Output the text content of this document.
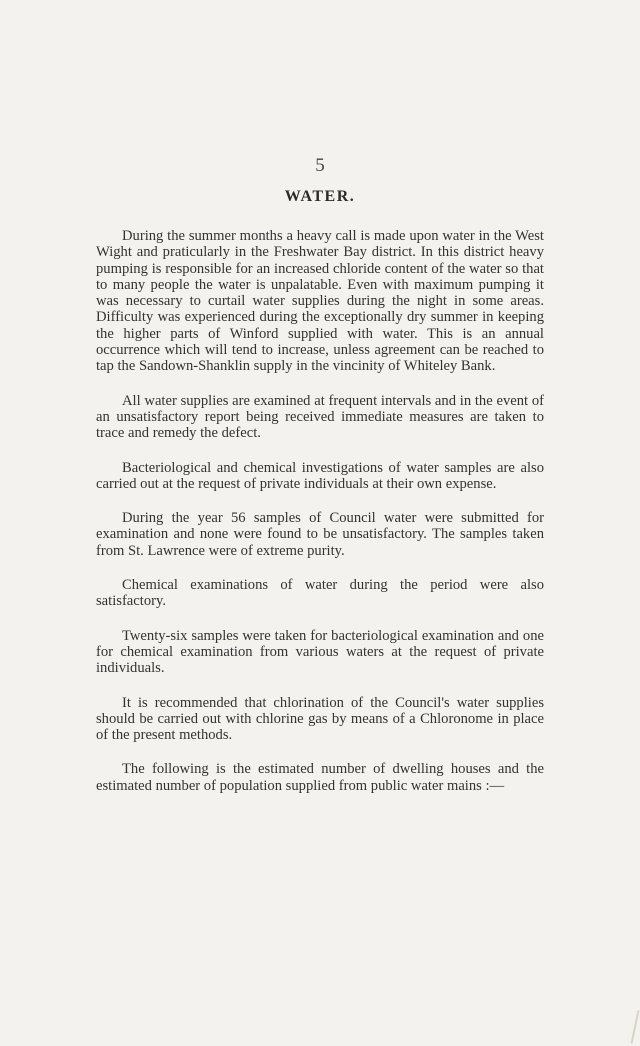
5
WATER.

During the summer months a heavy call is made upon water in the West Wight and praticularly in the Freshwater Bay district. In this district heavy pumping is responsible for an increased chloride content of the water so that to many people the water is unpalatable. Even with maximum pumping it was necessary to curtail water supplies during the night in some areas. Difficulty was experienced during the exceptionally dry summer in keeping the higher parts of Winford supplied with water. This is an annual occurrence which will tend to increase, unless agreement can be reached to tap the Sandown-Shanklin supply in the vincinity of Whiteley Bank.

All water supplies are examined at frequent intervals and in the event of an unsatisfactory report being received immediate measures are taken to trace and remedy the defect.

Bacteriological and chemical investigations of water samples are also carried out at the request of private individuals at their own expense.

During the year 56 samples of Council water were submitted for examination and none were found to be unsatisfactory. The samples taken from St. Lawrence were of extreme purity.

Chemical examinations of water during the period were also satisfactory.

Twenty-six samples were taken for bacteriological examination and one for chemical examination from various waters at the request of private individuals.

It is recommended that chlorination of the Council's water supplies should be carried out with chlorine gas by means of a Chloronome in place of the present methods.

The following is the estimated number of dwelling houses and the estimated number of population supplied from public water mains :—
